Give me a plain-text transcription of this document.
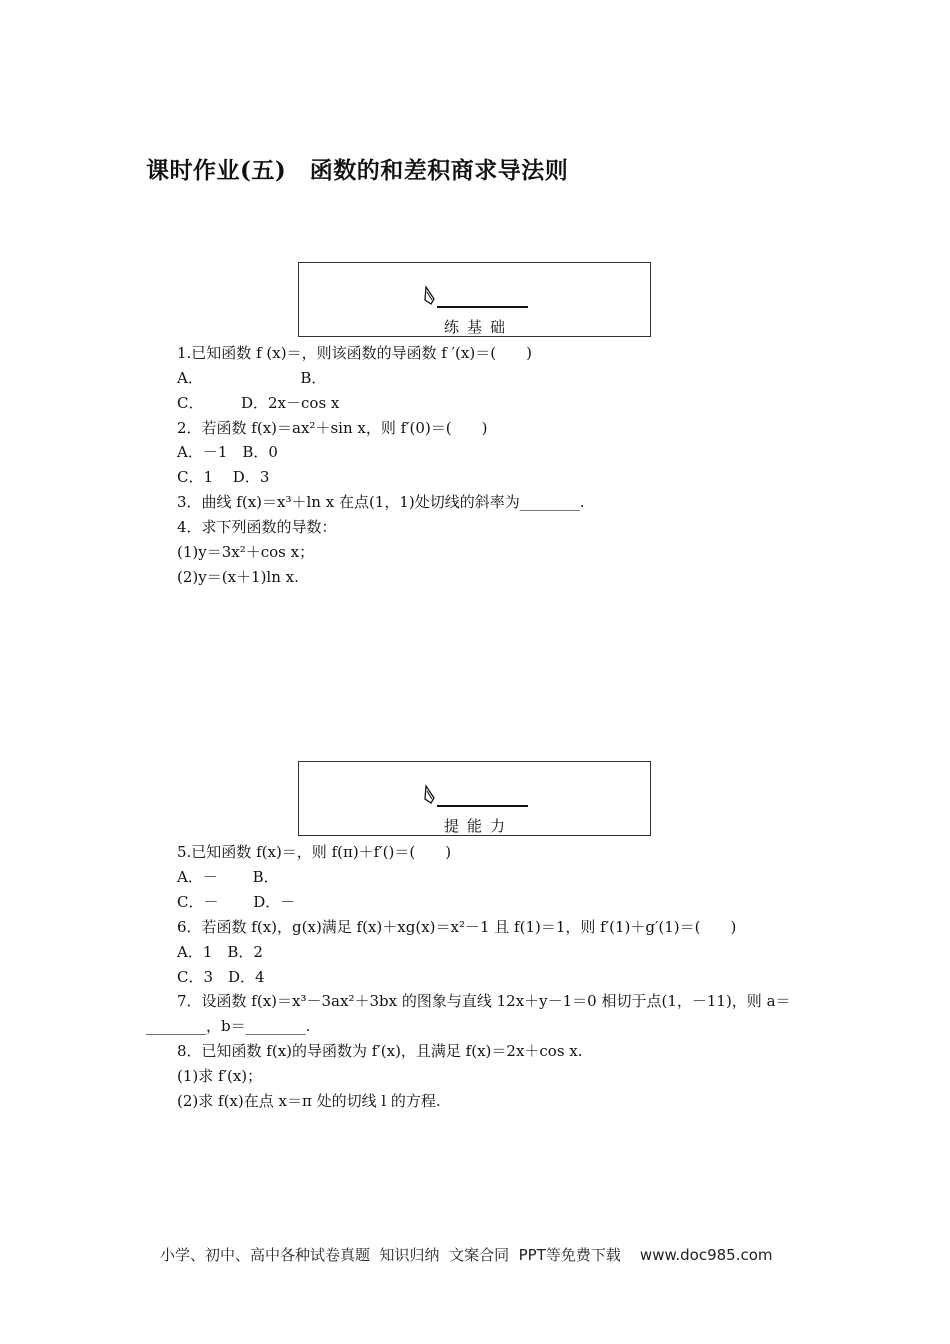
课时作业(五)　函数的和差积商求导法则
练基础

1.已知函数 f (x)＝，则该函数的导函数 f ′(x)＝(　　)

A．　　　　　　　B．

C．　　　D．2x－cos x

2．若函数 f(x)＝ax²＋sin x，则 f′(0)＝(　　)

A．－1　B．0

C．1　 D．3

3．曲线 f(x)＝x³＋ln x 在点(1，1)处切线的斜率为________.

4．求下列函数的导数：

(1)y＝3x²＋cos x；

(2)y＝(x＋1)ln x.

提能力

5.已知函数 f(x)＝，则 f(π)＋f′()＝(　　)

A．－　　 B．

C．－　　 D．－

6．若函数 f(x)，g(x)满足 f(x)＋xg(x)＝x²－1 且 f(1)＝1，则 f′(1)＋g′(1)＝(　　)

A．1　B．2

C．3　D．4

7．设函数 f(x)＝x³－3ax²＋3bx 的图象与直线 12x＋y－1＝0 相切于点(1，－11)，则 a＝

________，b＝________.

8．已知函数 f(x)的导函数为 f′(x)，且满足 f(x)＝2x＋cos x.

(1)求 f′(x)；

(2)求 f(x)在点 x＝π 处的切线 l 的方程.

小学、初中、高中各种试卷真题  知识归纳  文案合同  PPT等免费下载    www.doc985.com
